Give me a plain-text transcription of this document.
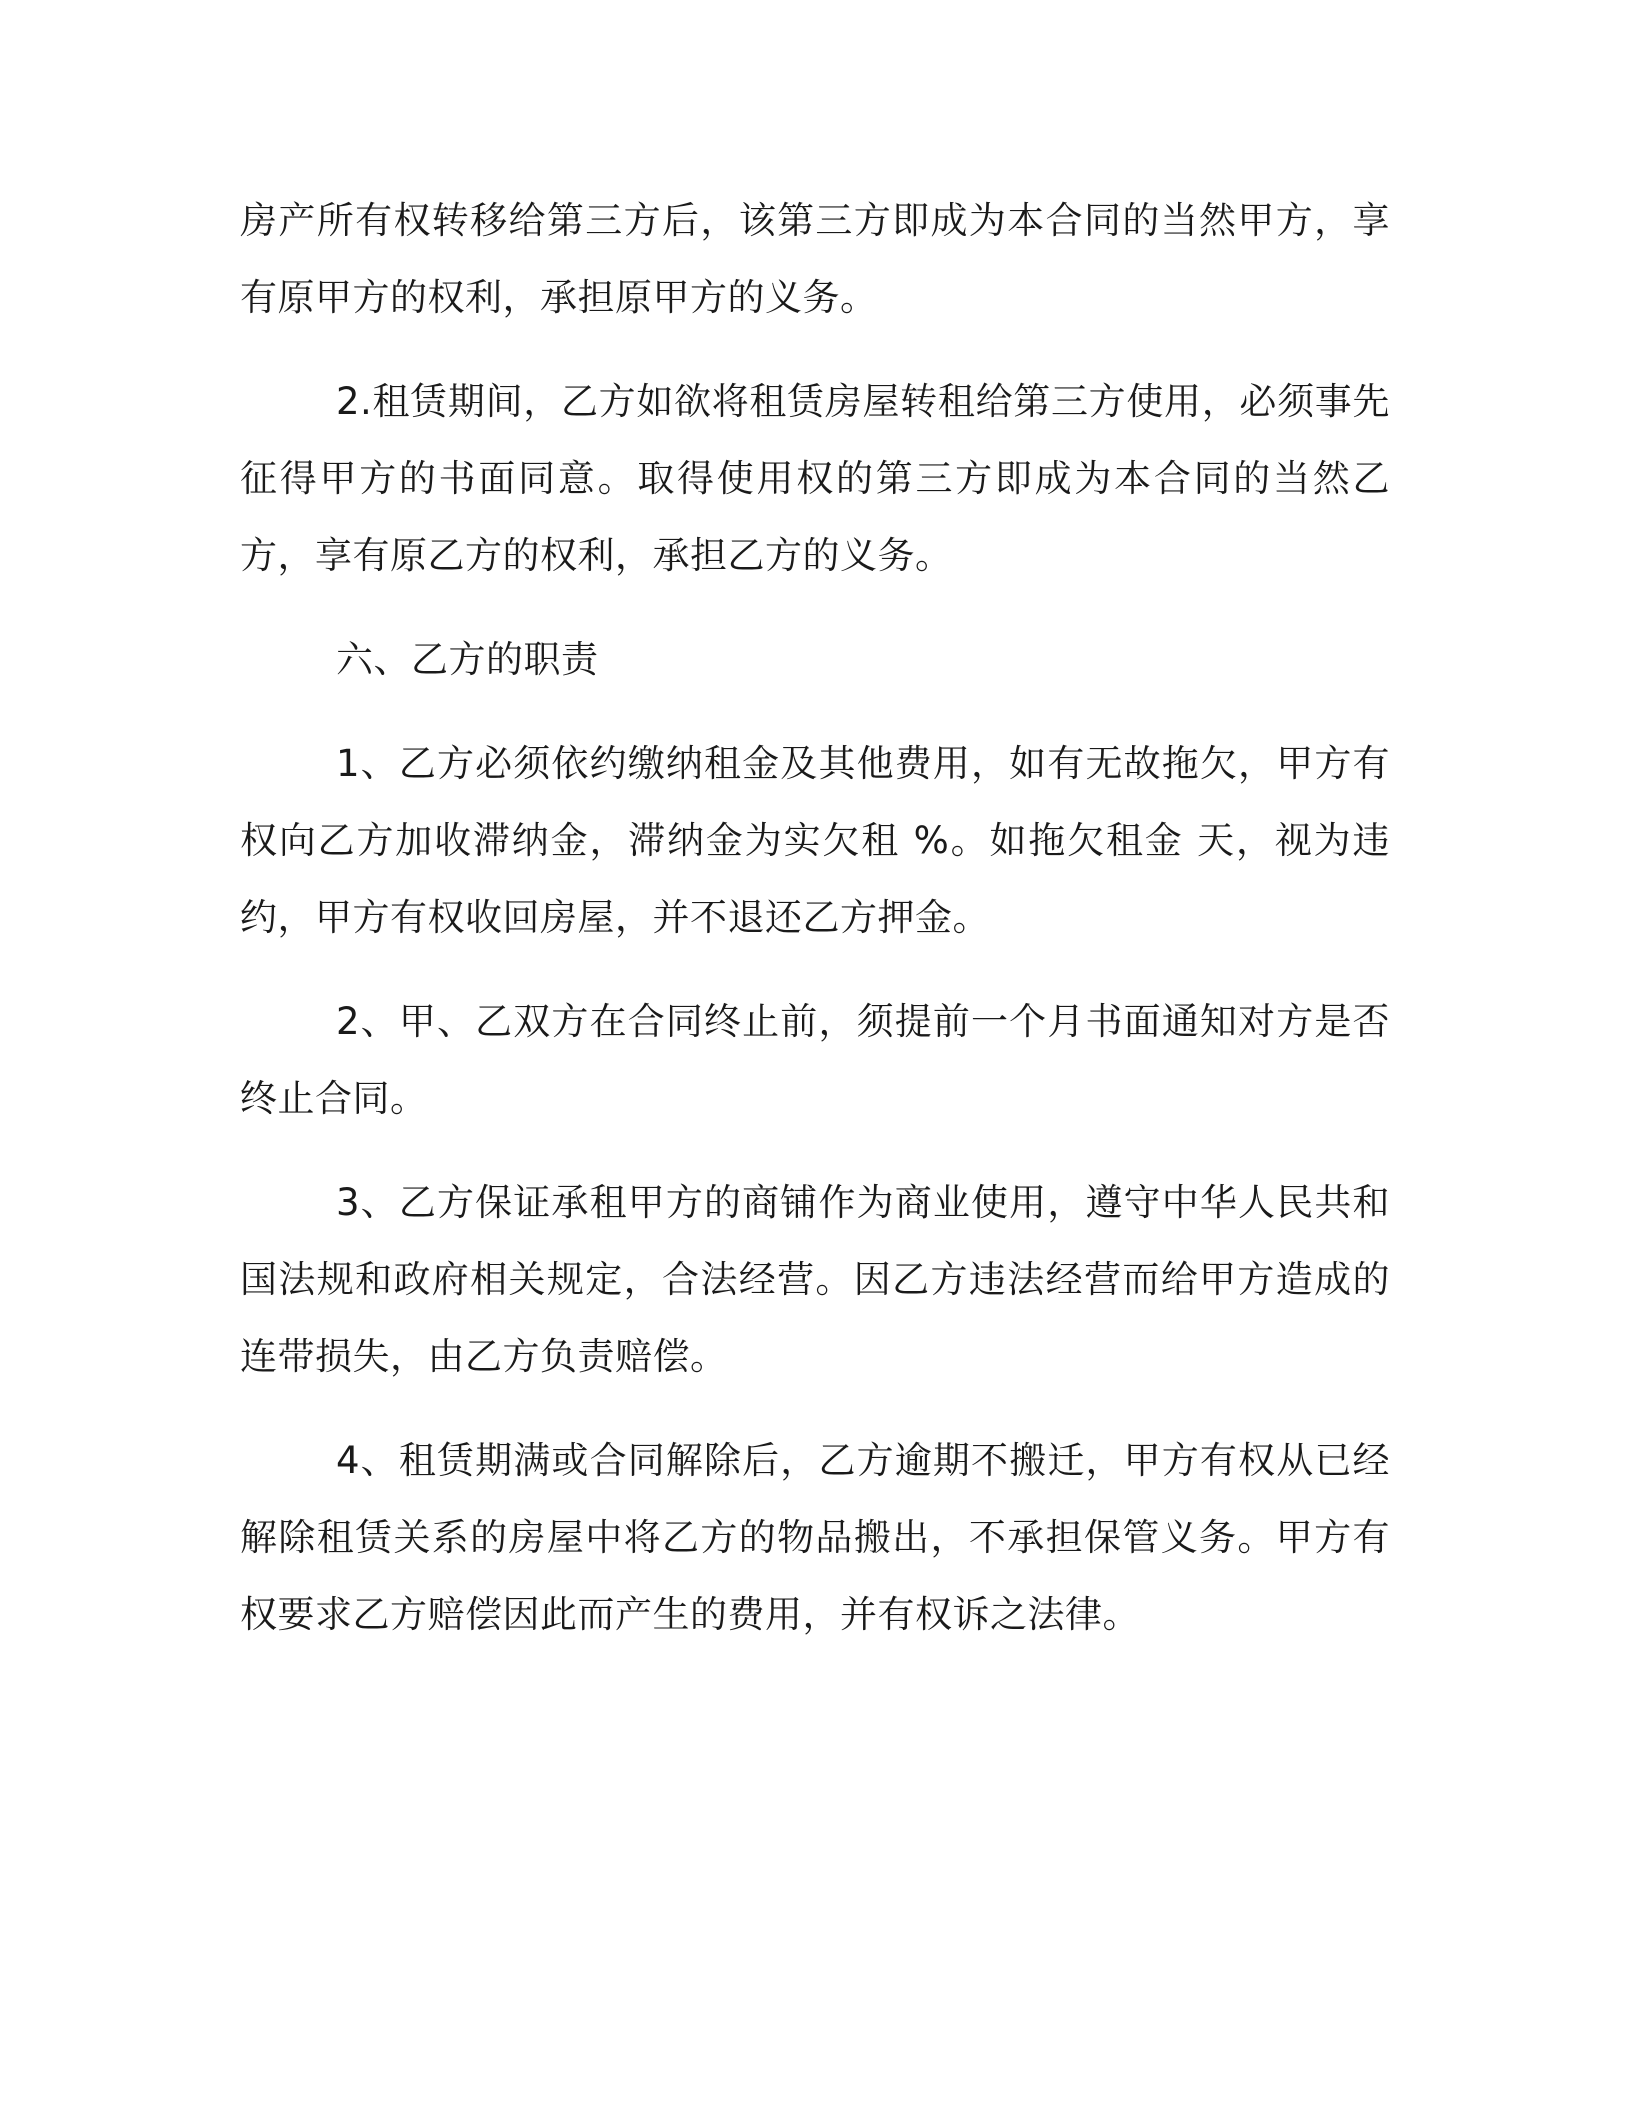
房产所有权转移给第三方后，该第三方即成为本合同的当然甲方，享有原甲方的权利，承担原甲方的义务。

2.租赁期间，乙方如欲将租赁房屋转租给第三方使用，必须事先征得甲方的书面同意。取得使用权的第三方即成为本合同的当然乙方，享有原乙方的权利，承担乙方的义务。

六、乙方的职责

1、乙方必须依约缴纳租金及其他费用，如有无故拖欠，甲方有权向乙方加收滞纳金，滞纳金为实欠租 %。如拖欠租金 天，视为违约，甲方有权收回房屋，并不退还乙方押金。

2、甲、乙双方在合同终止前，须提前一个月书面通知对方是否终止合同。

3、乙方保证承租甲方的商铺作为商业使用，遵守中华人民共和国法规和政府相关规定，合法经营。因乙方违法经营而给甲方造成的连带损失，由乙方负责赔偿。

4、租赁期满或合同解除后，乙方逾期不搬迁，甲方有权从已经解除租赁关系的房屋中将乙方的物品搬出，不承担保管义务。甲方有权要求乙方赔偿因此而产生的费用，并有权诉之法律。
